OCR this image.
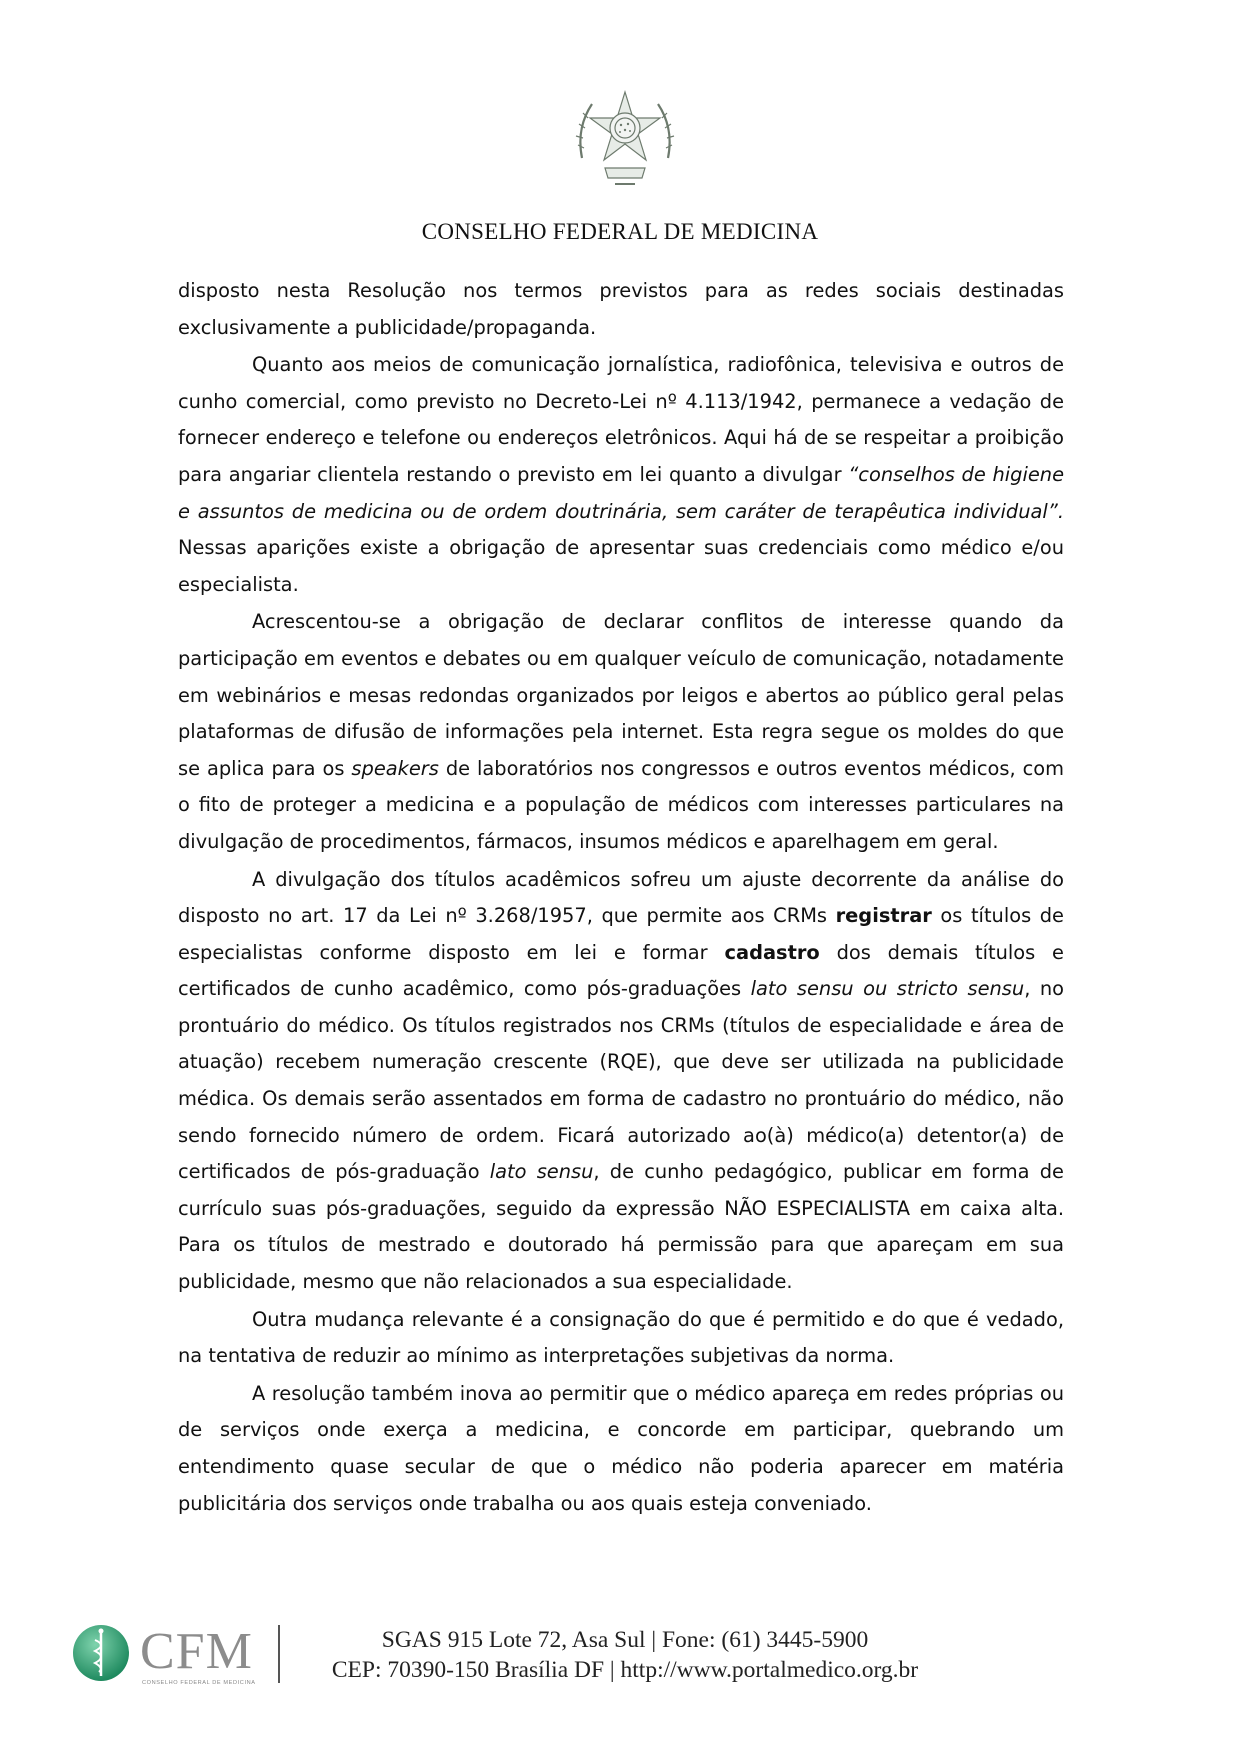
CONSELHO FEDERAL DE MEDICINA

disposto nesta Resolução nos termos previstos para as redes sociais destinadas exclusivamente a publicidade/propaganda.

Quanto aos meios de comunicação jornalística, radiofônica, televisiva e outros de cunho comercial, como previsto no Decreto-Lei nº 4.113/1942, permanece a vedação de fornecer endereço e telefone ou endereços eletrônicos. Aqui há de se respeitar a proibição para angariar clientela restando o previsto em lei quanto a divulgar “conselhos de higiene e assuntos de medicina ou de ordem doutrinária, sem caráter de terapêutica individual”. Nessas aparições existe a obrigação de apresentar suas credenciais como médico e/ou especialista.

Acrescentou-se a obrigação de declarar conflitos de interesse quando da participação em eventos e debates ou em qualquer veículo de comunicação, notadamente em webinários e mesas redondas organizados por leigos e abertos ao público geral pelas plataformas de difusão de informações pela internet. Esta regra segue os moldes do que se aplica para os speakers de laboratórios nos congressos e outros eventos médicos, com o fito de proteger a medicina e a população de médicos com interesses particulares na divulgação de procedimentos, fármacos, insumos médicos e aparelhagem em geral.

A divulgação dos títulos acadêmicos sofreu um ajuste decorrente da análise do disposto no art. 17 da Lei nº 3.268/1957, que permite aos CRMs registrar os títulos de especialistas conforme disposto em lei e formar cadastro dos demais títulos e certificados de cunho acadêmico, como pós-graduações lato sensu ou stricto sensu, no prontuário do médico. Os títulos registrados nos CRMs (títulos de especialidade e área de atuação) recebem numeração crescente (RQE), que deve ser utilizada na publicidade médica. Os demais serão assentados em forma de cadastro no prontuário do médico, não sendo fornecido número de ordem. Ficará autorizado ao(à) médico(a) detentor(a) de certificados de pós-graduação lato sensu, de cunho pedagógico, publicar em forma de currículo suas pós-graduações, seguido da expressão NÃO ESPECIALISTA em caixa alta. Para os títulos de mestrado e doutorado há permissão para que apareçam em sua publicidade, mesmo que não relacionados a sua especialidade.

Outra mudança relevante é a consignação do que é permitido e do que é vedado, na tentativa de reduzir ao mínimo as interpretações subjetivas da norma.

A resolução também inova ao permitir que o médico apareça em redes próprias ou de serviços onde exerça a medicina, e concorde em participar, quebrando um entendimento quase secular de que o médico não poderia aparecer em matéria publicitária dos serviços onde trabalha ou aos quais esteja conveniado.

CFM
CONSELHO FEDERAL DE MEDICINA
SGAS 915 Lote 72, Asa Sul | Fone: (61) 3445-5900
CEP: 70390-150 Brasília DF | http://www.portalmedico.org.br
